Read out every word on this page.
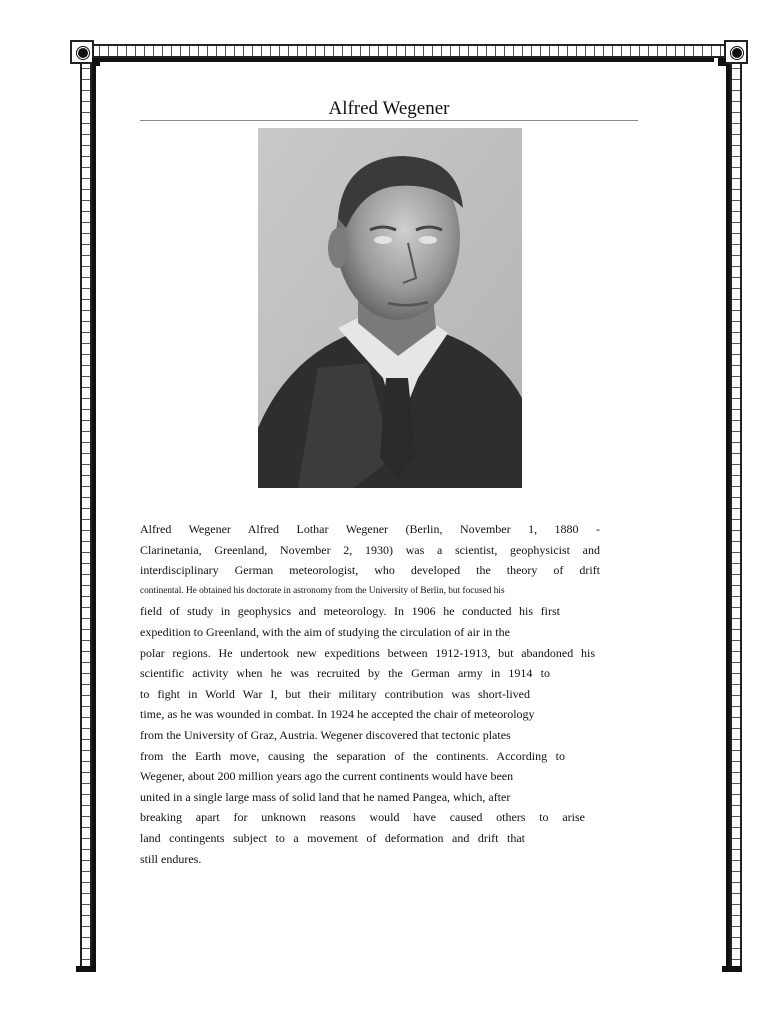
Alfred Wegener
Alfred Wegener Alfred Lothar Wegener (Berlin, November 1, 1880 -
Clarinetania, Greenland, November 2, 1930) was a scientist, geophysicist and
interdisciplinary German meteorologist, who developed the theory of drift
continental. He obtained his doctorate in astronomy from the University of Berlin, but focused his
field of study in geophysics and meteorology. In 1906 he conducted his first
expedition to Greenland, with the aim of studying the circulation of air in the
polar regions. He undertook new expeditions between 1912-1913, but abandoned his
scientific activity when he was recruited by the German army in 1914 to
to fight in World War I, but their military contribution was short-lived
time, as he was wounded in combat. In 1924 he accepted the chair of meteorology
from the University of Graz, Austria. Wegener discovered that tectonic plates
from the Earth move, causing the separation of the continents. According to
Wegener, about 200 million years ago the current continents would have been
united in a single large mass of solid land that he named Pangea, which, after
breaking apart for unknown reasons would have caused others to arise
land contingents subject to a movement of deformation and drift that
still endures.
